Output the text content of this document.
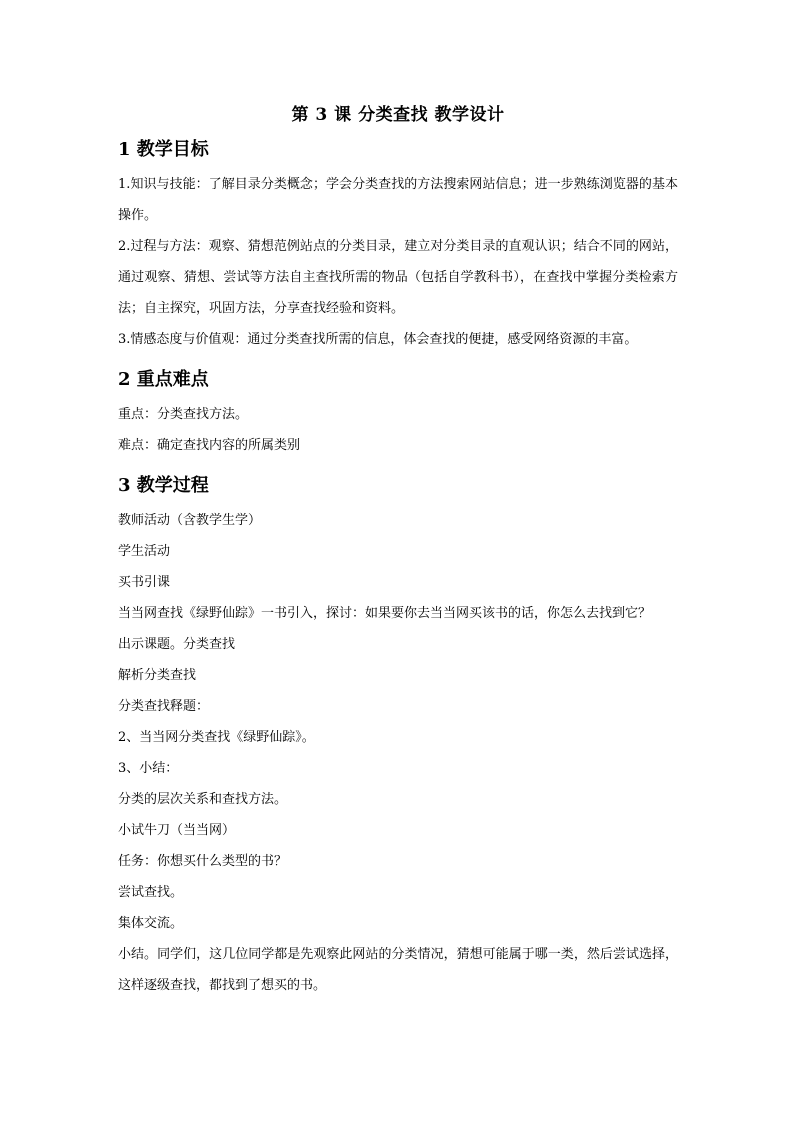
第 3 课 分类查找 教学设计
1 教学目标

1.知识与技能：了解目录分类概念；学会分类查找的方法搜索网站信息；进一步熟练浏览器的基本操作。

2.过程与方法：观察、猜想范例站点的分类目录，建立对分类目录的直观认识；结合不同的网站，通过观察、猜想、尝试等方法自主查找所需的物品（包括自学教科书），在查找中掌握分类检索方法；自主探究，巩固方法，分享查找经验和资料。

3.情感态度与价值观：通过分类查找所需的信息，体会查找的便捷，感受网络资源的丰富。

2 重点难点

重点：分类查找方法。

难点：确定查找内容的所属类别

3 教学过程

教师活动（含教学生学）

学生活动

买书引课

当当网查找《绿野仙踪》一书引入，探讨：如果要你去当当网买该书的话，你怎么去找到它？

出示课题。分类查找

解析分类查找

分类查找释题：

2、当当网分类查找《绿野仙踪》。

3、小结：

分类的层次关系和查找方法。

小试牛刀（当当网）

任务：你想买什么类型的书？

尝试查找。

集体交流。

小结。同学们，这几位同学都是先观察此网站的分类情况，猜想可能属于哪一类，然后尝试选择，这样逐级查找，都找到了想买的书。
